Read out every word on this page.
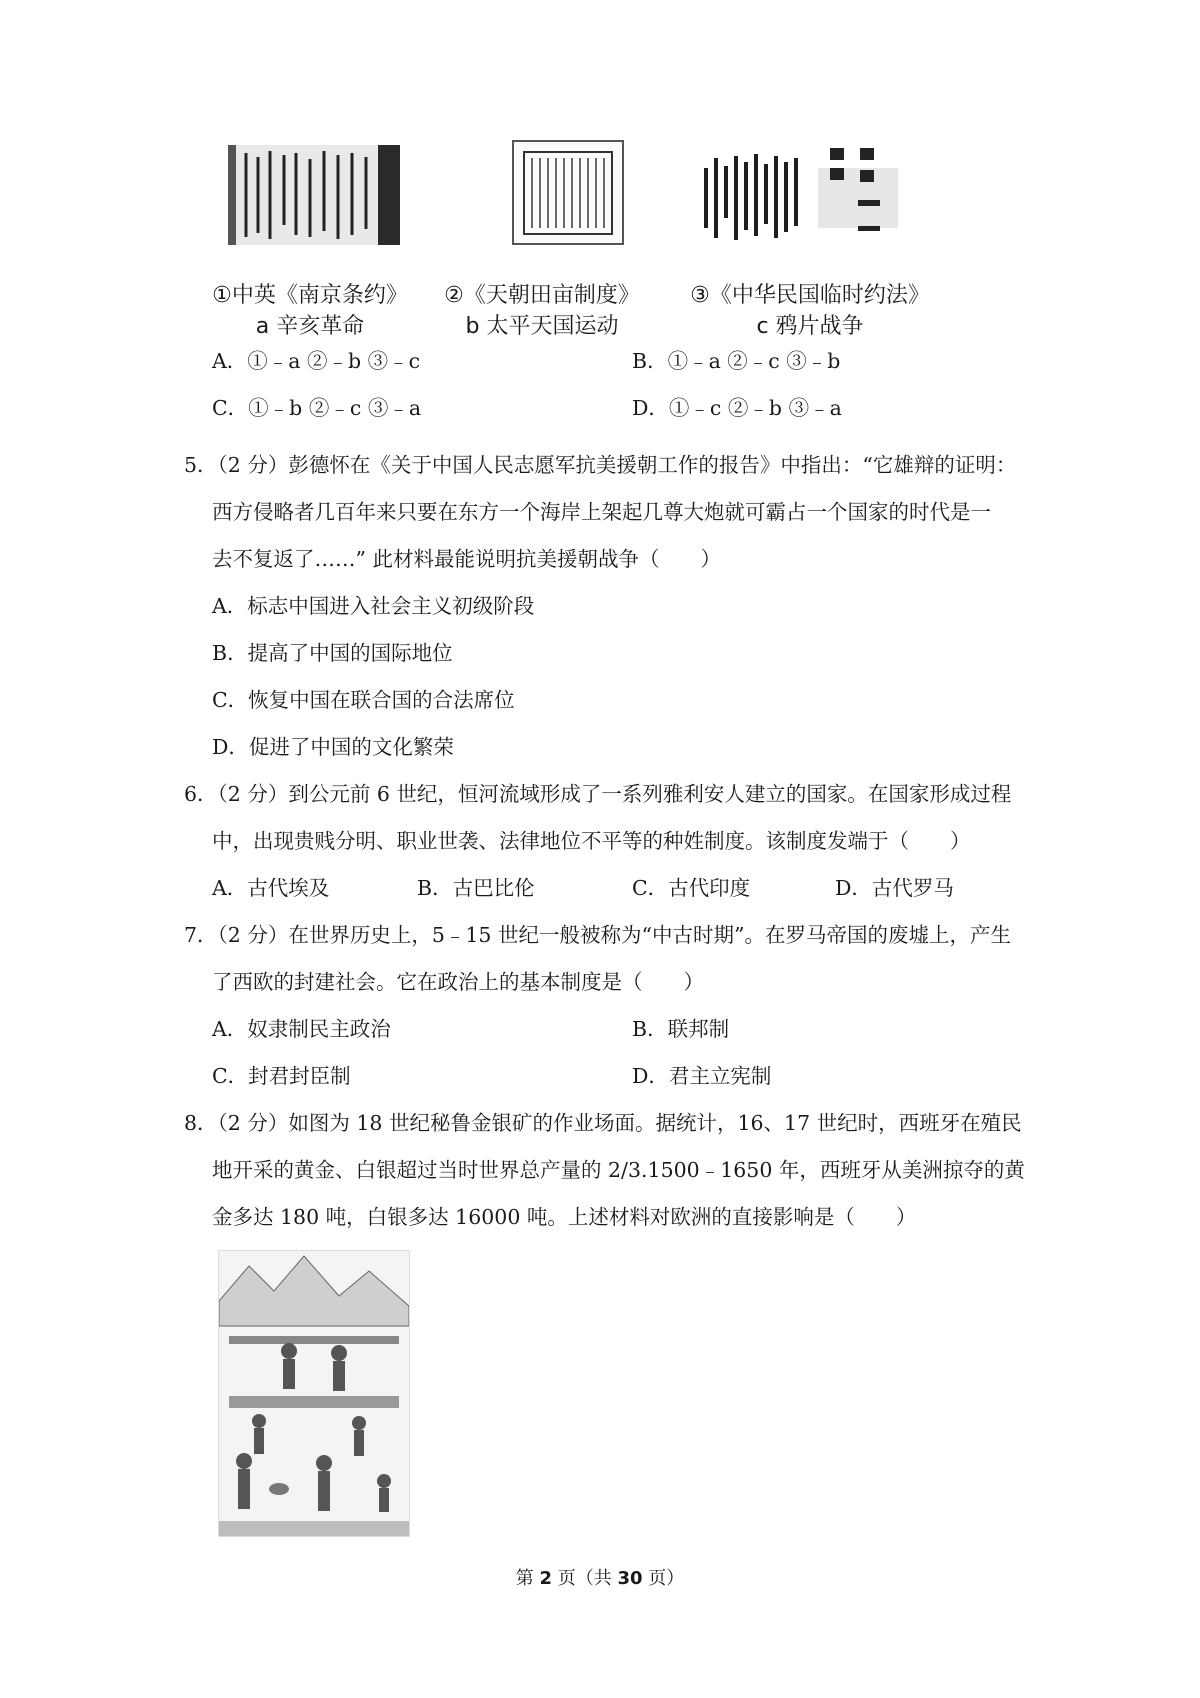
①中英《南京条约》
a 辛亥革命
②《天朝田亩制度》
b 太平天国运动
③《中华民国临时约法》
c 鸦片战争
A．①﹣a ②﹣b ③﹣c	B．①﹣a ②﹣c ③﹣b
C．①﹣b ②﹣c ③﹣a	D．①﹣c ②﹣b ③﹣a
5．（2 分）彭德怀在《关于中国人民志愿军抗美援朝工作的报告》中指出：“它雄辩的证明：
西方侵略者几百年来只要在东方一个海岸上架起几尊大炮就可霸占一个国家的时代是一
去不复返了……” 此材料最能说明抗美援朝战争（　　）
A．标志中国进入社会主义初级阶段
B．提高了中国的国际地位
C．恢复中国在联合国的合法席位
D．促进了中国的文化繁荣
6．（2 分）到公元前 6 世纪，恒河流域形成了一系列雅利安人建立的国家。在国家形成过程
中，出现贵贱分明、职业世袭、法律地位不平等的种姓制度。该制度发端于（　　）
A．古代埃及	B．古巴比伦	C．古代印度	D．古代罗马
7．（2 分）在世界历史上，5﹣15 世纪一般被称为“中古时期”。在罗马帝国的废墟上，产生
了西欧的封建社会。它在政治上的基本制度是（　　）
A．奴隶制民主政治	B．联邦制
C．封君封臣制	D．君主立宪制
8．（2 分）如图为 18 世纪秘鲁金银矿的作业场面。据统计，16、17 世纪时，西班牙在殖民
地开采的黄金、白银超过当时世界总产量的 2/3.1500﹣1650 年，西班牙从美洲掠夺的黄
金多达 180 吨，白银多达 16000 吨。上述材料对欧洲的直接影响是（　　）
第 2 页（共 30 页）
